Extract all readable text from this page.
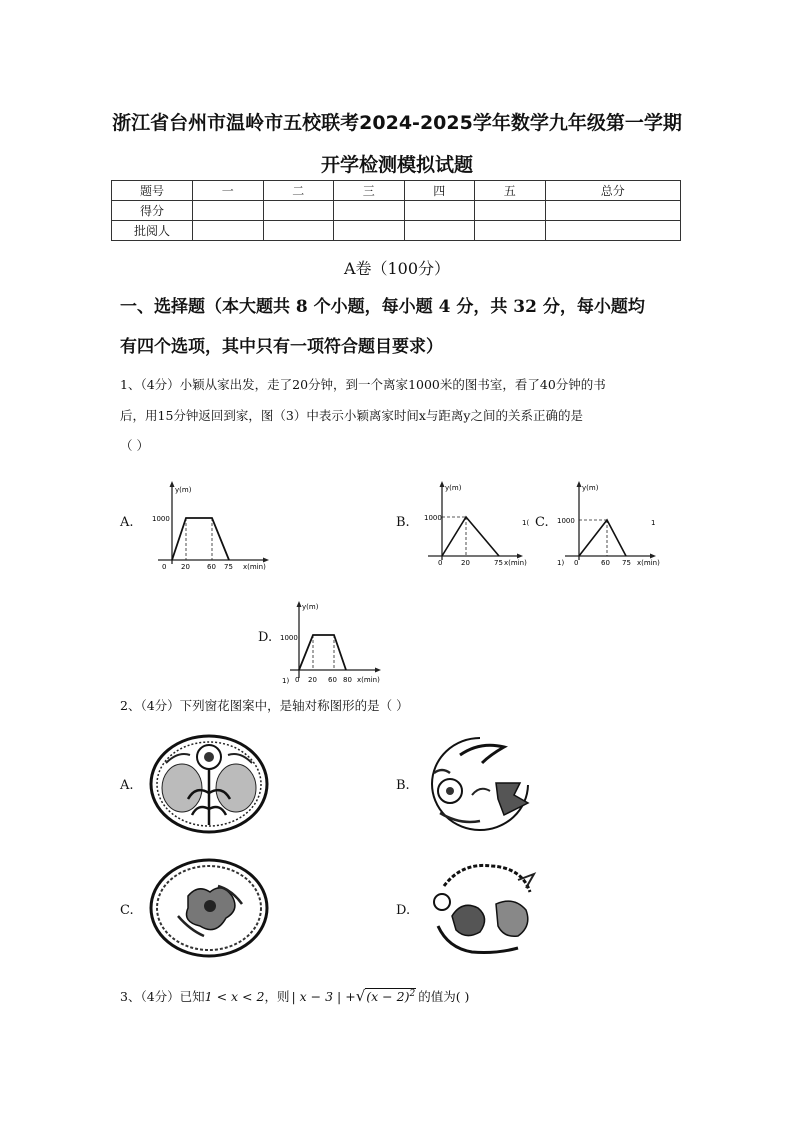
浙江省台州市温岭市五校联考2024-2025学年数学九年级第一学期
开学检测模拟试题
题号	一	二	三	四	五	总分
得分						
批阅人						
A卷（100分）
一、选择题（本大题共 8 个小题，每小题 4 分，共 32 分，每小题均
有四个选项，其中只有一项符合题目要求）
1、（4分）小颖从家出发，走了20分钟，到一个离家1000米的图书室，看了40分钟的书
后，用15分钟返回到家，图（3）中表示小颖离家时间x与距离y之间的关系正确的是
（ ）
A.	B.	C.
D.
y(m)
x(min)
0
1000
20 60 75
1(
y(m)
x(min)
0
1000
20	75	1)
1
y(m)
x(min)
0
1000
60 75
1)
y(m)
x(min)
0
1000
20 60 80
2、（4分）下列窗花图案中，是轴对称图形的是（ ）
A.	B.
C.	D.
3、（4分）已知1 < x < 2，则 | x − 3 | $+√(x - 2)^2$ 的值为( )
